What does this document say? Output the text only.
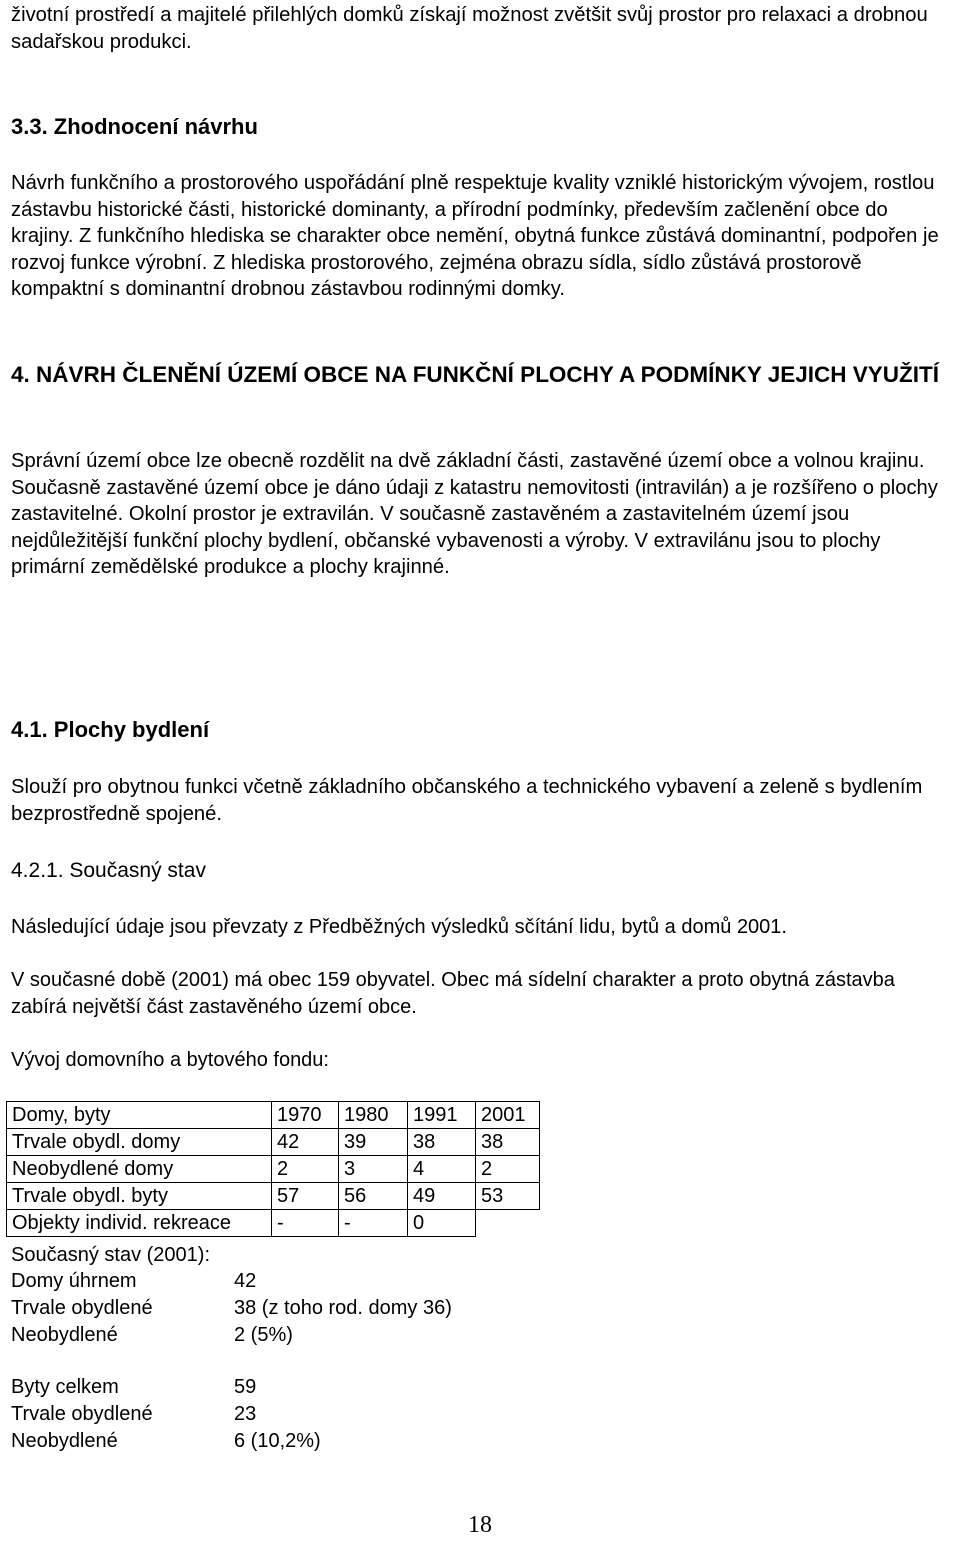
životní prostředí a majitelé přilehlých domků získají možnost zvětšit svůj prostor pro relaxaci a drobnou sadařskou produkci.
3.3. Zhodnocení návrhu
Návrh funkčního a prostorového uspořádání plně respektuje kvality vzniklé historickým vývojem, rostlou zástavbu historické části, historické dominanty, a přírodní podmínky, především začlenění obce do krajiny. Z funkčního hlediska se charakter obce nemění, obytná funkce zůstává dominantní, podpořen je rozvoj funkce výrobní. Z hlediska prostorového, zejména obrazu sídla, sídlo zůstává prostorově kompaktní s dominantní drobnou zástavbou rodinnými domky.
4. NÁVRH ČLENĚNÍ ÚZEMÍ OBCE NA FUNKČNÍ PLOCHY A PODMÍNKY JEJICH VYUŽITÍ
Správní území obce lze obecně rozdělit na dvě základní části, zastavěné území obce a volnou krajinu. Současně zastavěné území obce je dáno údaji z katastru nemovitosti (intravilán) a je rozšířeno o plochy zastavitelné. Okolní prostor je extravilán. V současně zastavěném a zastavitelném území jsou nejdůležitější funkční plochy bydlení, občanské vybavenosti a výroby. V extravilánu jsou to plochy primární zemědělské produkce a plochy krajinné.
4.1. Plochy bydlení
Slouží pro obytnou funkci včetně základního občanského a technického vybavení a zeleně s bydlením bezprostředně spojené.
4.2.1. Současný stav
Následující údaje jsou převzaty z Předběžných výsledků sčítání lidu, bytů a domů 2001.
V současné době (2001) má obec 159 obyvatel. Obec má sídelní charakter a proto obytná zástavba zabírá největší část zastavěného území obce.
Vývoj domovního a bytového fondu:
Domy, byty	1970	1980	1991	2001
Trvale obydl. domy	42	39	38	38
Neobydlené domy	2	3	4	2
Trvale obydl. byty	57	56	49	53
Objekty individ. rekreace	-	-	0	
Současný stav (2001):
Domy úhrnem	42
Trvale obydlené	38 (z toho rod. domy 36)
Neobydlené	2 (5%)
Byty celkem	59
Trvale obydlené	23
Neobydlené	6 (10,2%)
18
